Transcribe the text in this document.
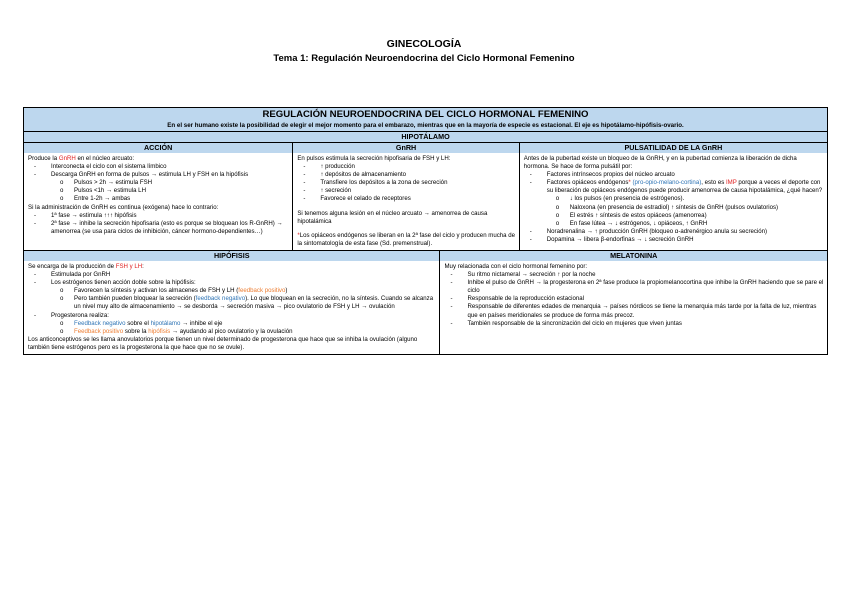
GINECOLOGÍA
Tema 1: Regulación Neuroendocrina del Ciclo Hormonal Femenino
REGULACIÓN NEUROENDOCRINA DEL CICLO HORMONAL FEMENINO
En el ser humano existe la posibilidad de elegir el mejor momento para el embarazo, mientras que en la mayoría de especie es estacional. El eje es hipotálamo-hipófisis-ovario.
HIPOTÁLAMO
ACCIÓN

Produce la GnRH en el núcleo arcuato:

-	Interconecta el ciclo con el sistema límbico
-	Descarga GnRH en forma de pulsos → estimula LH y FSH en la hipófisis
o	Pulsos > 2h → estimula FSH
o	Pulsos <1h → estimula LH
o	Entre 1-2h → ambas

Si la administración de GnRH es continua (exógena) hace lo contrario:

-	1ª fase → estimula ↑↑↑ hipófisis
-	2ª fase → inhibe la secreción hipofisaria (esto es porque se bloquean los R-GnRH) → amenorrea (se usa para ciclos de inhibición, cáncer hormono-dependientes…)
GnRH

En pulsos estimula la secreción hipofisaria de FSH y LH:

-	↑ producción
-	↑ depósitos de almacenamiento
-	Transfiere los depósitos a la zona de secreción
-	↑ secreción
-	Favorece el celado de receptores

Si tenemos alguna lesión en el núcleo arcuato → amenorrea de causa hipotalámica

*Los opiáceos endógenos se liberan en la 2ª fase del ciclo y producen mucha de la sintomatología de esta fase (Sd. premenstrual).

PULSATILIDAD DE LA GnRH

Antes de la pubertad existe un bloqueo de la GnRH, y en la pubertad comienza la liberación de dicha hormona. Se hace de forma pulsátil por:

-	Factores intrínsecos propios del núcleo arcuato
-	Factores opiáceos endógenos* (pro-opio-melano-cortina), esto es IMP porque a veces el deporte con su liberación de opiáceos endógenos puede producir amenorrea de causa hipotalámica, ¿qué hacen?
o	↓ los pulsos (en presencia de estrógenos).
o	Naloxona (en presencia de estradiol) ↑ síntesis de GnRH (pulsos ovulatorios)
o	El estrés ↑ síntesis de estos opiáceos (amenorrea)
o	En fase lútea → ↓ estrógenos, ↓ opiáceos, ↑ GnRH
-	Noradrenalina → ↑ producción GnRH (bloqueo α-adrenérgico anula su secreción)
-	Dopamina → libera β-endorfinas → ↓ secreción GnRH
HIPÓFISIS

Se encarga de la producción de FSH y LH:

-	Estimulada por GnRH
-	Los estrógenos tienen acción doble sobre la hipófisis:
o	Favorecen la síntesis y activan los almacenes de FSH y LH (feedback positivo)
o	Pero también pueden bloquear la secreción (feedback negativo). Lo que bloquean en la secreción, no la síntesis. Cuando se alcanza un nivel muy alto de almacenamiento → se desborda → secreción masiva → pico ovulatorio de FSH y LH → ovulación
-	Progesterona realiza:
o	Feedback negativo sobre el hipotálamo → inhibe el eje
o	Feedback positivo sobre la hipófisis → ayudando al pico ovulatorio y la ovulación

Los anticonceptivos se les llama anovulatorios porque tienen un nivel determinado de progesterona que hace que se inhiba la ovulación (alguno también tiene estrógenos pero es la progesterona la que hace que no se ovule).

MELATONINA

Muy relacionada con el ciclo hormonal femenino por:

-	Su ritmo nictameral → secreción ↑ por la noche
-	Inhibe el pulso de GnRH → la progesterona en 2ª fase produce la propiomelanocortina que inhibe la GnRH haciendo que se pare el ciclo
-	Responsable de la reproducción estacional
-	Responsable de diferentes edades de menarquia → países nórdicos se tiene la menarquia más tarde por la falta de luz, mientras que en países meridionales se produce de forma más precoz.
-	También responsable de la sincronización del ciclo en mujeres que viven juntas
